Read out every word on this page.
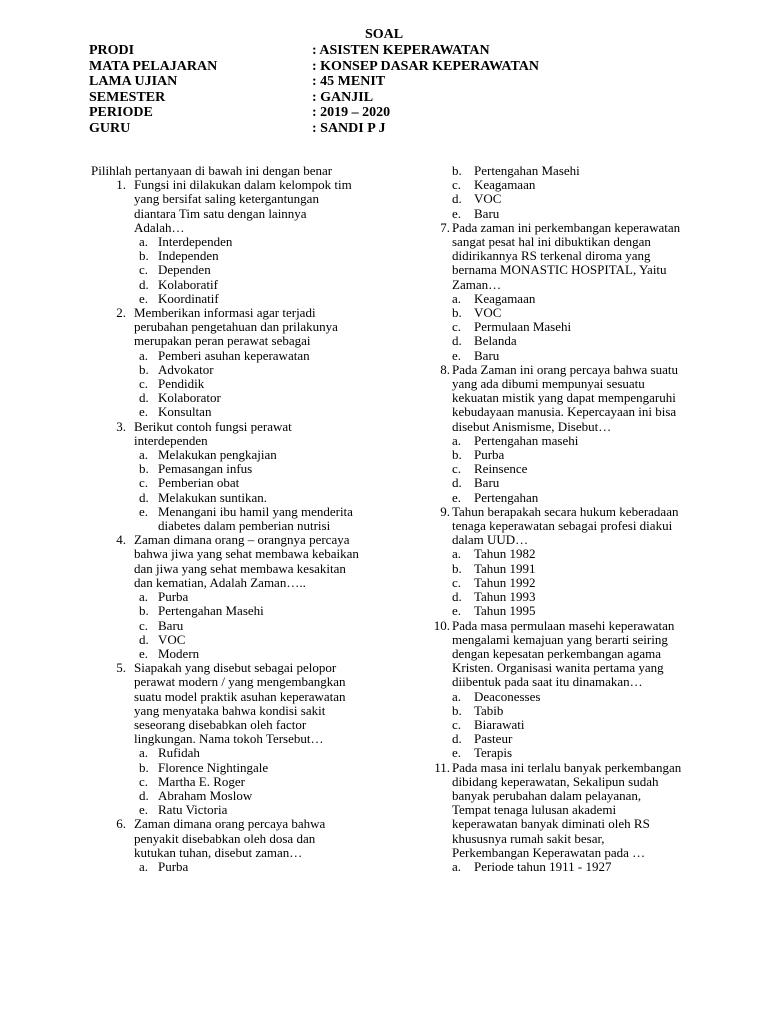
SOAL
PRODI	: ASISTEN KEPERAWATAN
MATA PELAJARAN	: KONSEP DASAR KEPERAWATAN
LAMA UJIAN	: 45 MENIT
SEMESTER	: GANJIL
PERIODE	: 2019 – 2020
GURU	: SANDI P J

Pilihlah pertanyaan di bawah ini dengan benar

1. Fungsi ini dilakukan dalam kelompok tim yang bersifat saling ketergantungan diantara Tim satu dengan lainnya Adalah…
a. Interdependen
b. Independen
c. Dependen
d. Kolaboratif
e. Koordinatif
2. Memberikan informasi agar terjadi perubahan pengetahuan dan prilakunya merupakan peran perawat sebagai
a. Pemberi asuhan keperawatan
b. Advokator
c. Pendidik
d. Kolaborator
e. Konsultan
3. Berikut contoh fungsi perawat interdependen
a. Melakukan pengkajian
b. Pemasangan infus
c. Pemberian obat
d. Melakukan suntikan.
e. Menangani ibu hamil yang menderita diabetes dalam pemberian nutrisi
4. Zaman dimana orang – orangnya percaya bahwa jiwa yang sehat membawa kebaikan dan jiwa yang sehat membawa kesakitan dan kematian, Adalah Zaman…..
a. Purba
b. Pertengahan Masehi
c. Baru
d. VOC
e. Modern
5. Siapakah yang disebut sebagai pelopor perawat modern / yang mengembangkan suatu model praktik asuhan keperawatan yang menyataka bahwa kondisi sakit seseorang disebabkan oleh factor lingkungan. Nama tokoh Tersebut…
a. Rufidah
b. Florence Nightingale
c. Martha E. Roger
d. Abraham Moslow
e. Ratu Victoria
6. Zaman dimana orang percaya bahwa penyakit disebabkan oleh dosa dan kutukan tuhan, disebut zaman…
a. Purba
b. Pertengahan Masehi
c. Keagamaan
d. VOC
e. Baru
7. Pada zaman ini perkembangan keperawatan sangat pesat hal ini dibuktikan dengan didirikannya RS terkenal diroma yang bernama MONASTIC HOSPITAL, Yaitu Zaman…
a. Keagamaan
b. VOC
c. Permulaan Masehi
d. Belanda
e. Baru
8. Pada Zaman ini orang percaya bahwa suatu yang ada dibumi mempunyai sesuatu kekuatan mistik yang dapat mempengaruhi kebudayaan manusia. Kepercayaan ini bisa disebut Anismisme, Disebut…
a. Pertengahan masehi
b. Purba
c. Reinsence
d. Baru
e. Pertengahan
9. Tahun berapakah secara hukum keberadaan tenaga keperawatan sebagai profesi diakui dalam UUD…
a. Tahun 1982
b. Tahun 1991
c. Tahun 1992
d. Tahun 1993
e. Tahun 1995
10. Pada masa permulaan masehi keperawatan mengalami kemajuan yang berarti seiring dengan kepesatan perkembangan agama Kristen. Organisasi wanita pertama yang diibentuk pada saat itu dinamakan…
a. Deaconesses
b. Tabib
c. Biarawati
d. Pasteur
e. Terapis
11. Pada masa ini terlalu banyak perkembangan dibidang keperawatan, Sekalipun sudah banyak perubahan dalam pelayanan, Tempat tenaga lulusan akademi keperawatan banyak diminati oleh RS khususnya rumah sakit besar, Perkembangan Keperawatan pada …
a. Periode tahun 1911 - 1927
